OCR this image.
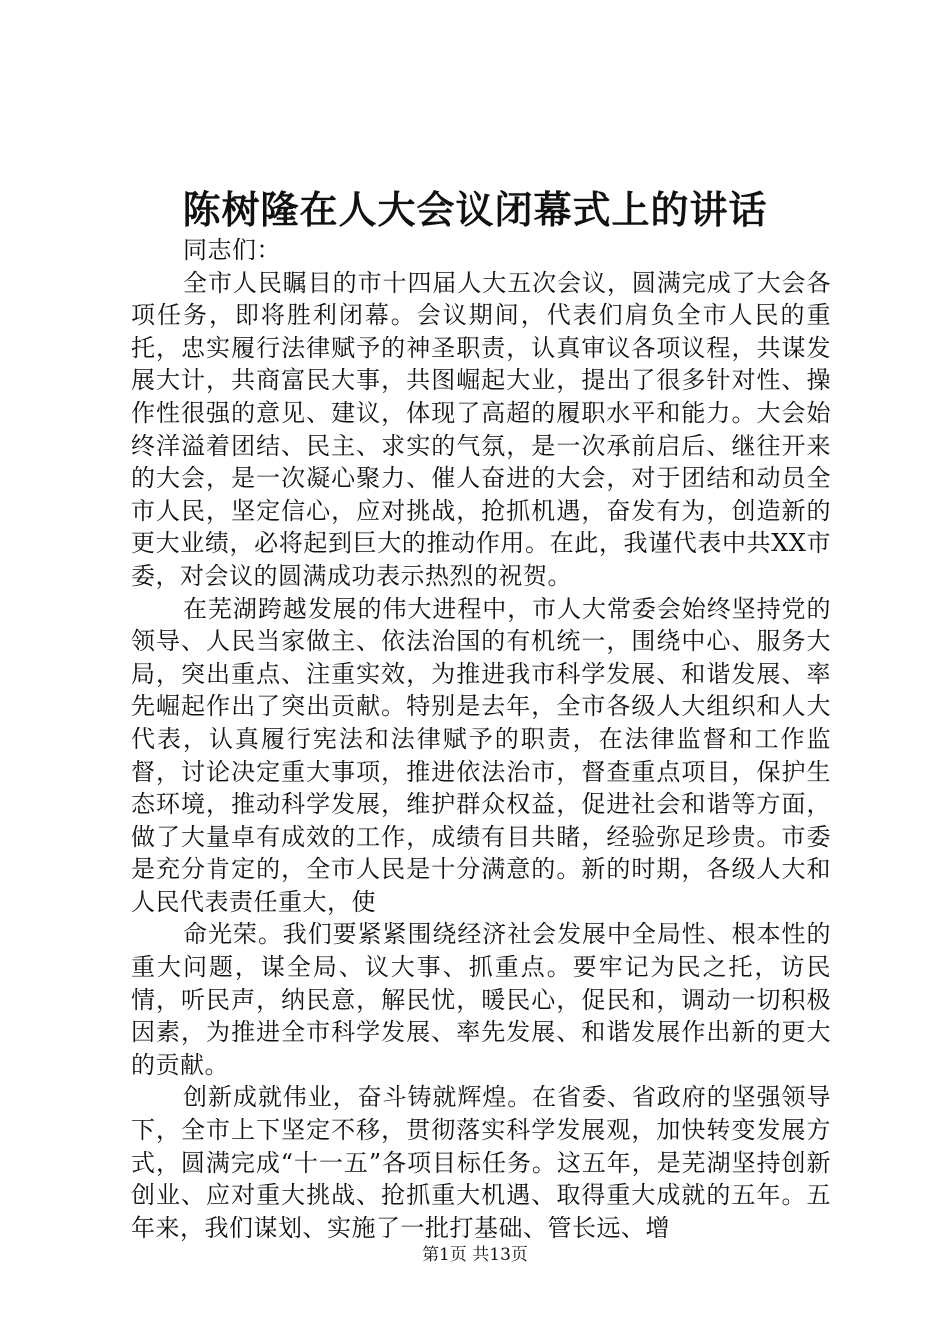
陈树隆在人大会议闭幕式上的讲话

同志们：

全市人民瞩目的市十四届人大五次会议，圆满完成了大会各项任务，即将胜利闭幕。会议期间，代表们肩负全市人民的重托，忠实履行法律赋予的神圣职责，认真审议各项议程，共谋发展大计，共商富民大事，共图崛起大业，提出了很多针对性、操作性很强的意见、建议，体现了高超的履职水平和能力。大会始终洋溢着团结、民主、求实的气氛，是一次承前启后、继往开来的大会，是一次凝心聚力、催人奋进的大会，对于团结和动员全市人民，坚定信心，应对挑战，抢抓机遇，奋发有为，创造新的更大业绩，必将起到巨大的推动作用。在此，我谨代表中共XX市委，对会议的圆满成功表示热烈的祝贺。

在芜湖跨越发展的伟大进程中，市人大常委会始终坚持党的领导、人民当家做主、依法治国的有机统一，围绕中心、服务大局，突出重点、注重实效，为推进我市科学发展、和谐发展、率先崛起作出了突出贡献。特别是去年，全市各级人大组织和人大代表，认真履行宪法和法律赋予的职责，在法律监督和工作监督，讨论决定重大事项，推进依法治市，督查重点项目，保护生态环境，推动科学发展，维护群众权益，促进社会和谐等方面，做了大量卓有成效的工作，成绩有目共睹，经验弥足珍贵。市委是充分肯定的，全市人民是十分满意的。新的时期，各级人大和人民代表责任重大，使

命光荣。我们要紧紧围绕经济社会发展中全局性、根本性的重大问题，谋全局、议大事、抓重点。要牢记为民之托，访民情，听民声，纳民意，解民忧，暖民心，促民和，调动一切积极因素，为推进全市科学发展、率先发展、和谐发展作出新的更大的贡献。

创新成就伟业，奋斗铸就辉煌。在省委、省政府的坚强领导下，全市上下坚定不移，贯彻落实科学发展观，加快转变发展方式，圆满完成“十一五”各项目标任务。这五年，是芜湖坚持创新创业、应对重大挑战、抢抓重大机遇、取得重大成就的五年。五年来，我们谋划、实施了一批打基础、管长远、增

第1页 共13页
